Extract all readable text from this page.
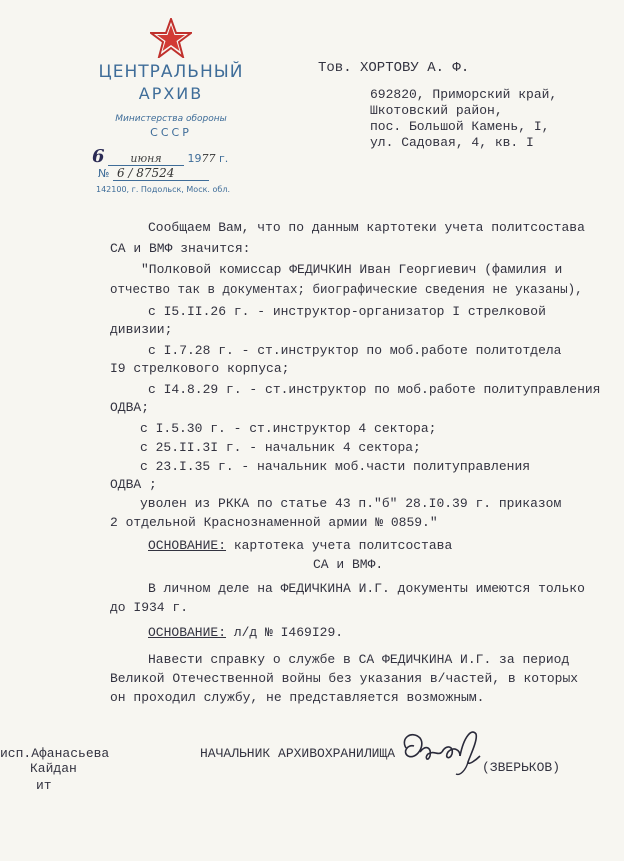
ЦЕНТРАЛЬНЫЙ
АРХИВ
Министерства обороны
СССР
6 июня 1977 г.
№ 6 / 87524
142100, г. Подольск, Моск. обл.
Тов. ХОРТОВУ А. Ф.
692820, Приморский край,
Шкотовский район,
пос. Большой Камень, I,
ул. Садовая, 4, кв. I
Сообщаем Вам, что по данным картотеки учета политсостава
СА и ВМФ значится:
"Полковой комиссар ФЕДИЧКИН Иван Георгиевич (фамилия и
отчество так в документах; биографические сведения не указаны),
с I5.II.26 г. - инструктор-организатор I стрелковой
дивизии;
с I.7.28 г. - ст.инструктор по моб.работе политотдела
I9 стрелкового корпуса;
с I4.8.29 г. - ст.инструктор по моб.работе политуправления
ОДВА;
с I.5.30 г. - ст.инструктор 4 сектора;
с 25.II.3I г. - начальник 4 сектора;
с 23.I.35 г. - начальник моб.части политуправления
ОДВА ;
уволен из РККА по статье 43 п."б" 28.I0.39 г. приказом
2 отдельной Краснознаменной армии № 0859."
ОСНОВАНИЕ: картотека учета политсостава
СА и ВМФ.
В личном деле на ФЕДИЧКИНА И.Г. документы имеются только
до I934 г.
ОСНОВАНИЕ: л/д № I469I29.
Навести справку о службе в СА ФЕДИЧКИНА И.Г. за период
Великой Отечественной войны без указания в/частей, в которых
он проходил службу, не представляется возможным.
исп.Афанасьева
Кайдан
ит
НАЧАЛЬНИК АРХИВОХРАНИЛИЩА
(ЗВЕРЬКОВ)
